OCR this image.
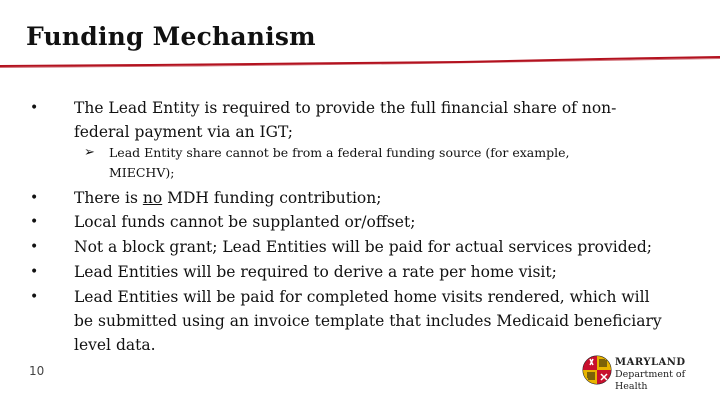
Funding Mechanism
•	The Lead Entity is required to provide the full financial share of non-federal payment via an IGT;
➢ Lead Entity share cannot be from a federal funding source (for example, MIECHV);
•	There is no MDH funding contribution;
•	Local funds cannot be supplanted or/offset;
•	Not a block grant; Lead Entities will be paid for actual services provided;
•	Lead Entities will be required to derive a rate per home visit;
•	Lead Entities will be paid for completed home visits rendered, which will be submitted using an invoice template that includes Medicaid beneficiary level data.
10
MARYLAND
Department of Health
